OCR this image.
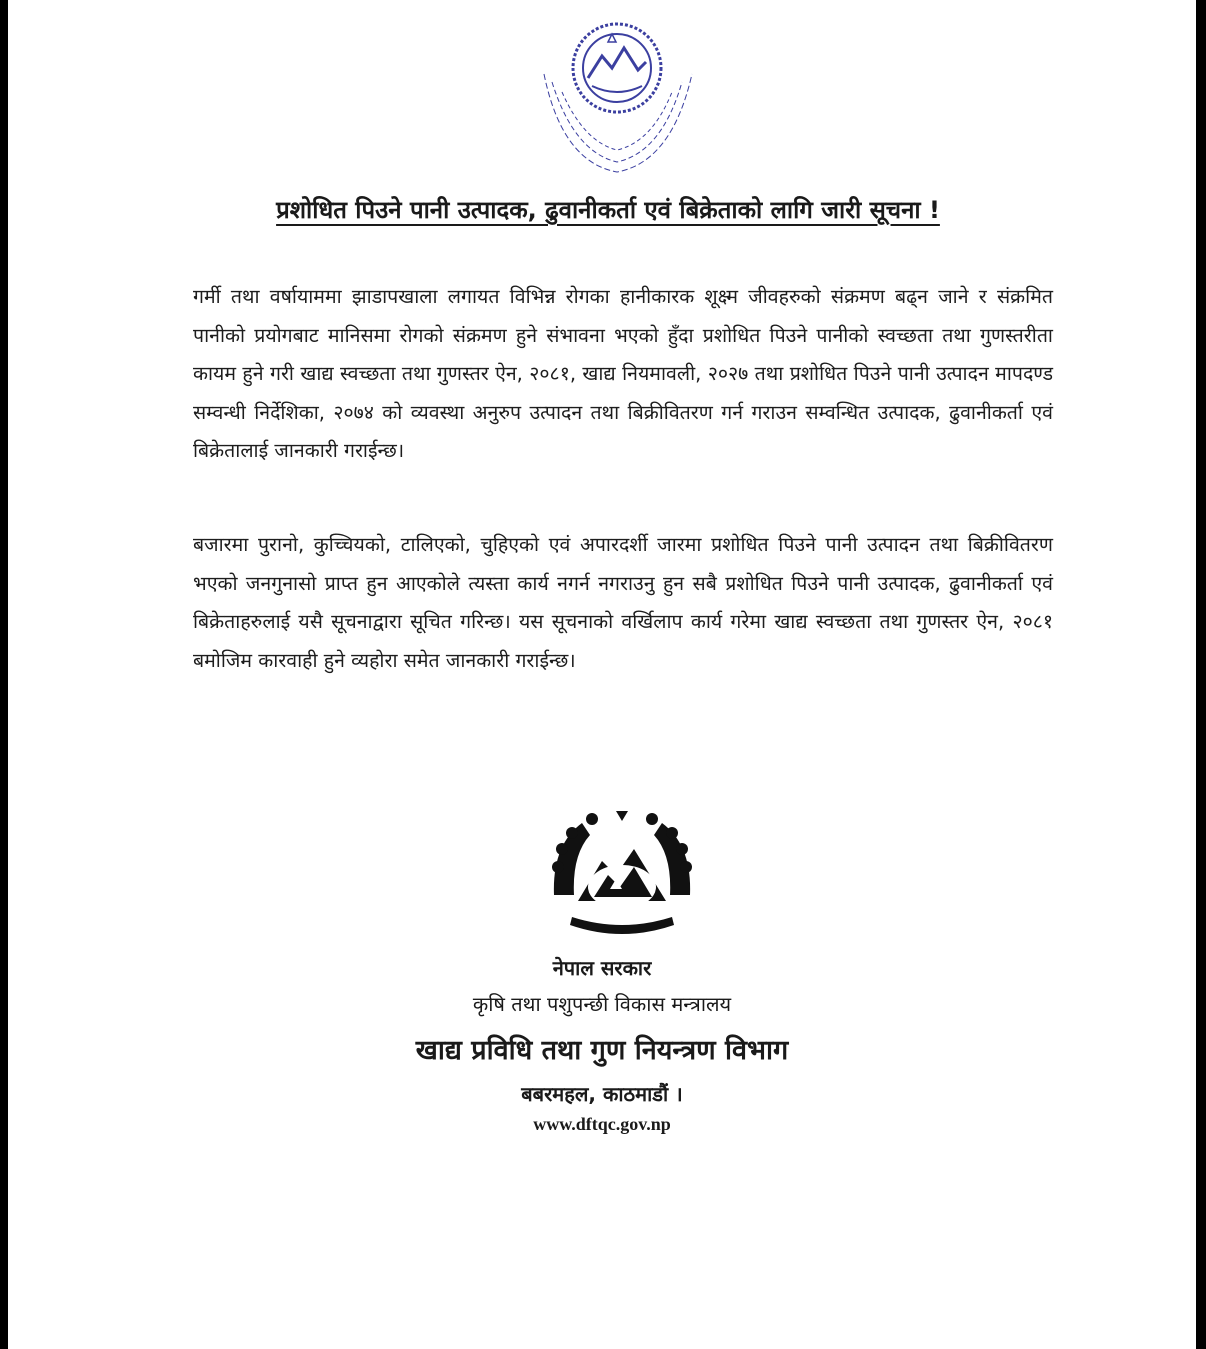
प्रशोधित पिउने पानी उत्पादक, ढुवानीकर्ता एवं बिक्रेताको लागि जारी सूचना !

गर्मी तथा वर्षायाममा झाडापखाला लगायत विभिन्न रोगका हानीकारक शूक्ष्म जीवहरुको संक्रमण बढ्न जाने र संक्रमित पानीको प्रयोगबाट मानिसमा रोगको संक्रमण हुने संभावना भएको हुँदा प्रशोधित पिउने पानीको स्वच्छता तथा गुणस्तरीता कायम हुने गरी खाद्य स्वच्छता तथा गुणस्तर ऐन, २०८१, खाद्य नियमावली, २०२७ तथा प्रशोधित पिउने पानी उत्पादन मापदण्ड सम्वन्धी निर्देशिका, २०७४ को व्यवस्था अनुरुप उत्पादन तथा बिक्रीवितरण गर्न गराउन सम्वन्धित उत्पादक, ढुवानीकर्ता एवं बिक्रेतालाई जानकारी गराईन्छ।

बजारमा पुरानो, कुच्चियको, टालिएको, चुहिएको एवं अपारदर्शी जारमा प्रशोधित पिउने पानी उत्पादन तथा बिक्रीवितरण भएको जनगुनासो प्राप्त हुन आएकोले त्यस्ता कार्य नगर्न नगराउनु हुन सबै प्रशोधित पिउने पानी उत्पादक, ढुवानीकर्ता एवं बिक्रेताहरुलाई यसै सूचनाद्वारा सूचित गरिन्छ। यस सूचनाको वर्खिलाप कार्य गरेमा खाद्य स्वच्छता तथा गुणस्तर ऐन, २०८१ बमोजिम कारवाही हुने व्यहोरा समेत जानकारी गराईन्छ।

नेपाल सरकार
कृषि तथा पशुपन्छी विकास मन्त्रालय
खाद्य प्रविधि तथा गुण नियन्त्रण विभाग
बबरमहल, काठमाडौं ।
www.dftqc.gov.np
